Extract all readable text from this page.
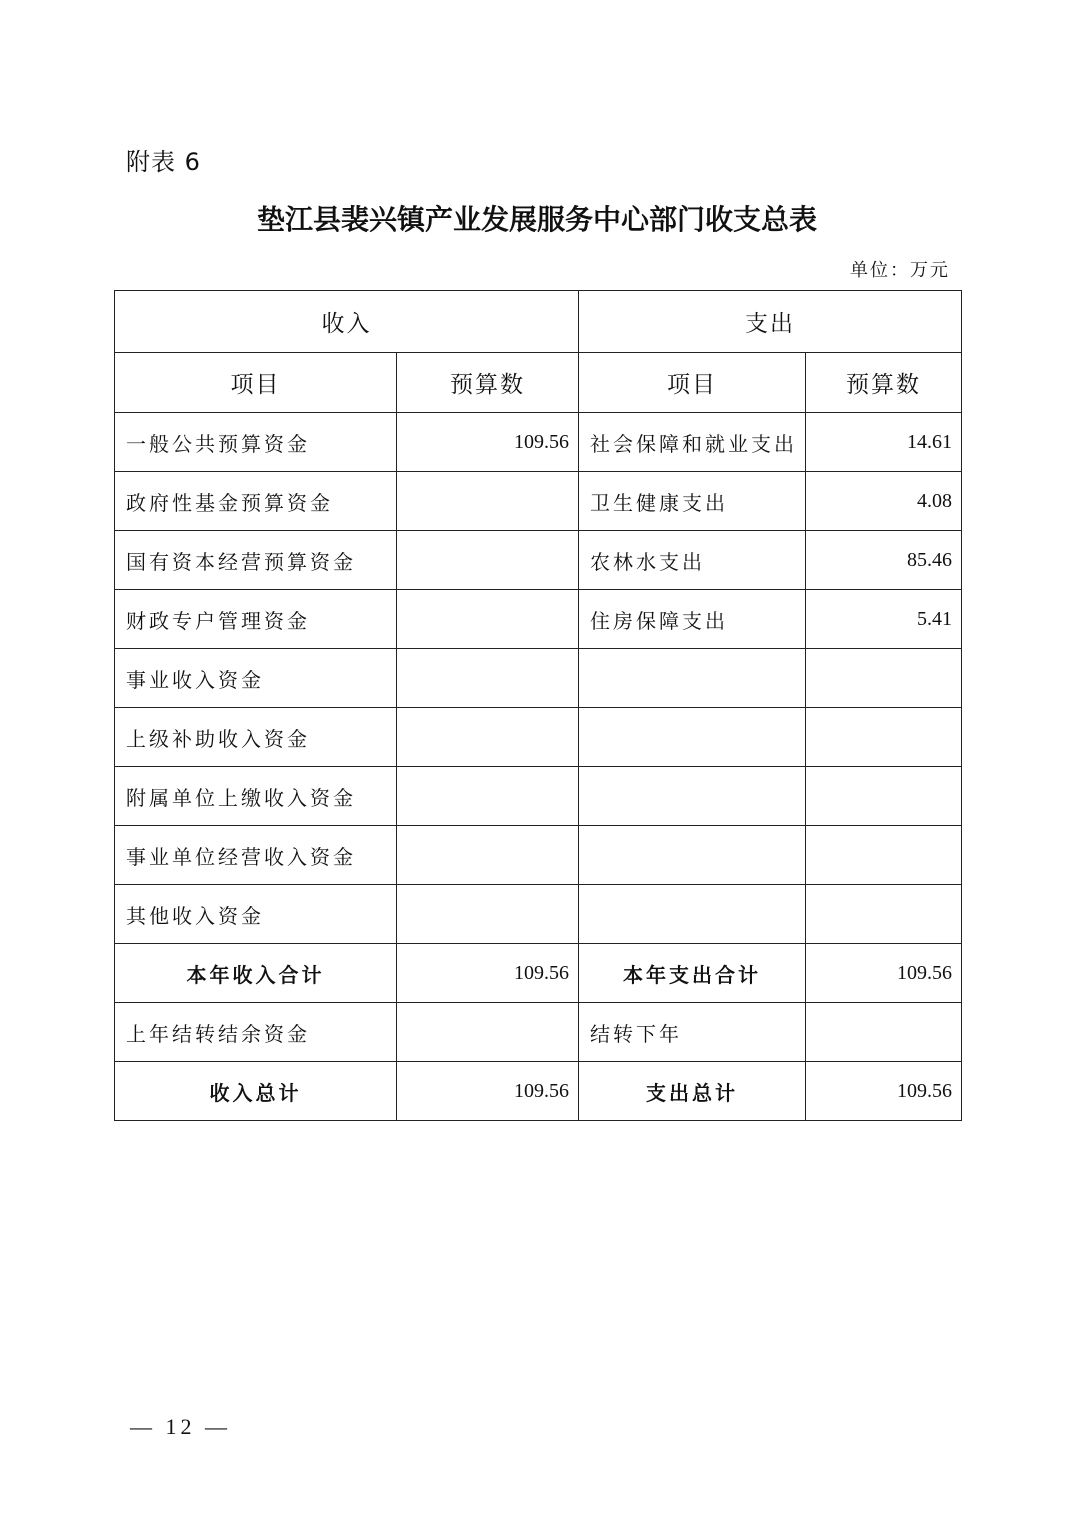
附表 6
垫江县裴兴镇产业发展服务中心部门收支总表
单位：万元
收入		支出	
项目	预算数	项目	预算数
一般公共预算资金	109.56	社会保障和就业支出	14.61
政府性基金预算资金		卫生健康支出	4.08
国有资本经营预算资金		农林水支出	85.46
财政专户管理资金		住房保障支出	5.41
事业收入资金			
上级补助收入资金			
附属单位上缴收入资金			
事业单位经营收入资金			
其他收入资金			
本年收入合计	109.56	本年支出合计	109.56
上年结转结余资金		结转下年	
收入总计	109.56	支出总计	109.56
— 12 —
